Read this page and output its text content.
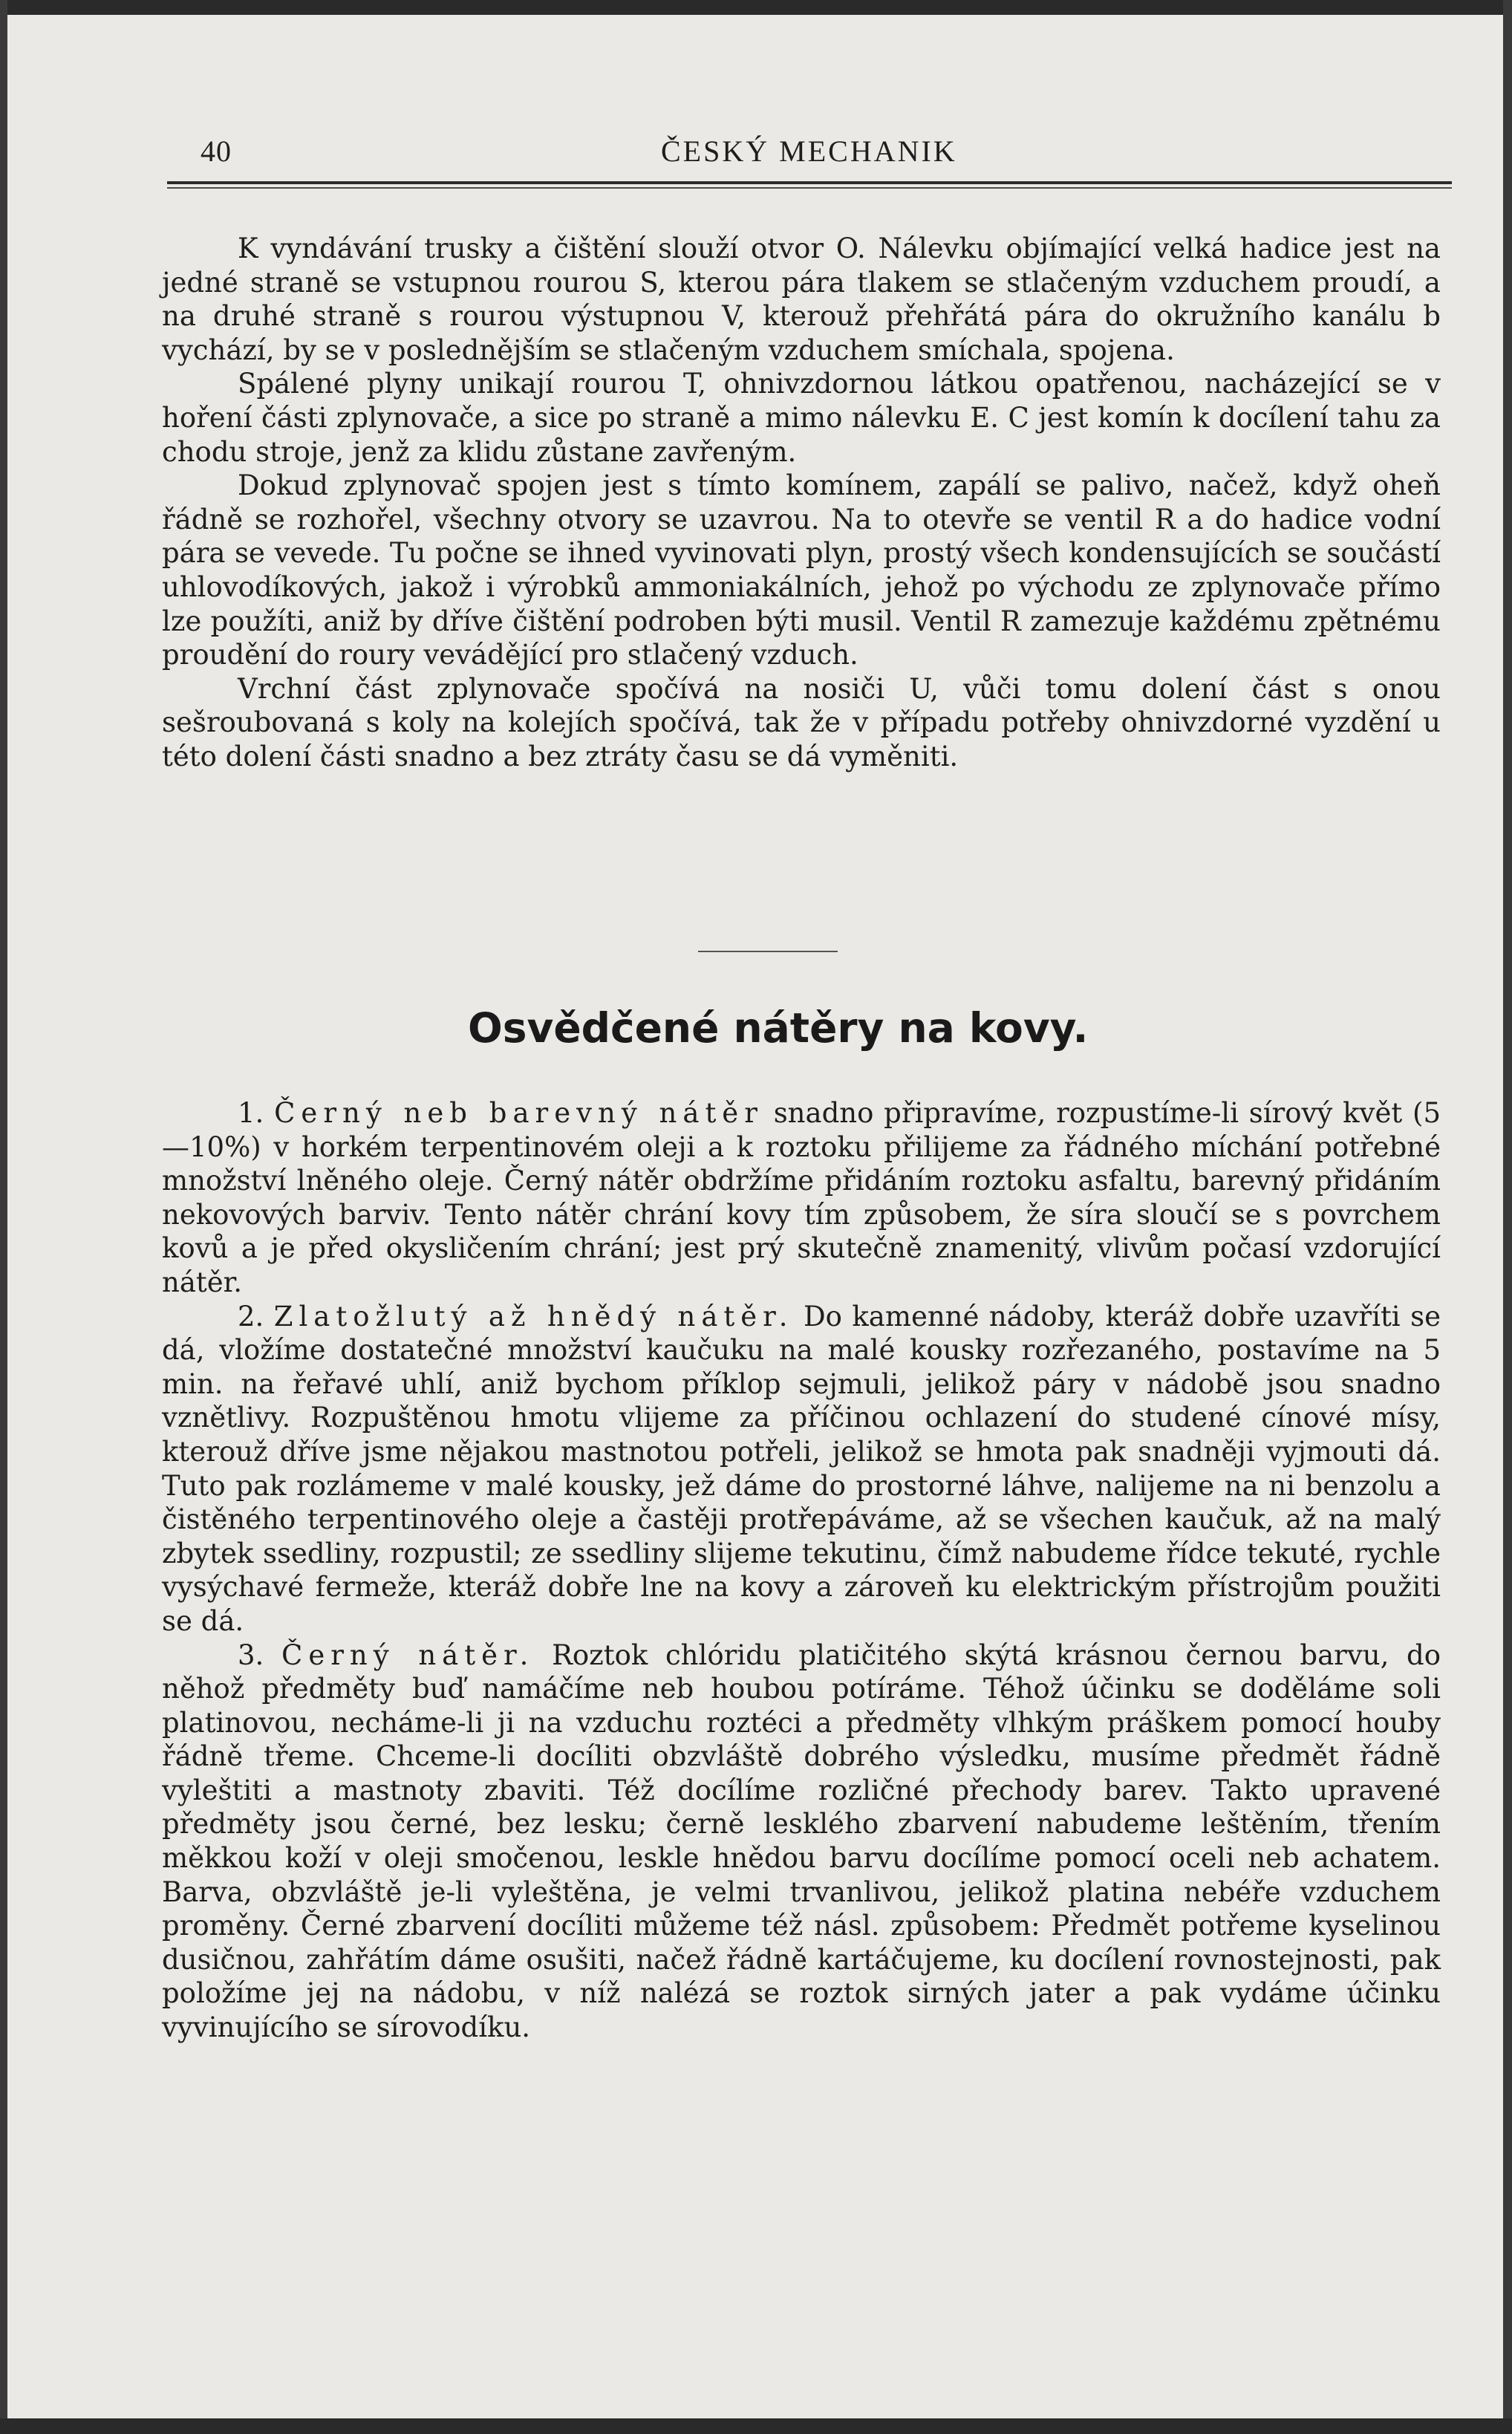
40	ČESKÝ MECHANIK

K vyndávání trusky a čištění slouží otvor O. Nálevku objímající velká hadice jest na jedné straně se vstupnou rourou S, kterou pára tlakem se stlačeným vzduchem proudí, a na druhé straně s rourou výstupnou V, kterouž přehřátá pára do okružního kanálu b vychází, by se v poslednějším se stlačeným vzduchem smíchala, spojena.

Spálené plyny unikají rourou T, ohnivzdornou látkou opatřenou, nacházející se v hoření části zplynovače, a sice po straně a mimo nálevku E. C jest komín k docílení tahu za chodu stroje, jenž za klidu zůstane zavřeným.

Dokud zplynovač spojen jest s tímto komínem, zapálí se palivo, načež, když oheň řádně se rozhořel, všechny otvory se uzavrou. Na to otevře se ventil R a do hadice vodní pára se vevede. Tu počne se ihned vyvinovati plyn, prostý všech kondensujících se součástí uhlovodíkových, jakož i výrobků ammoniakálních, jehož po východu ze zplynovače přímo lze použíti, aniž by dříve čištění podroben býti musil. Ventil R zamezuje každému zpětnému proudění do roury vevádějící pro stlačený vzduch.

Vrchní část zplynovače spočívá na nosiči U, vůči tomu dolení část s onou sešroubovaná s koly na kolejích spočívá, tak že v případu potřeby ohnivzdorné vyzdění u této dolení části snadno a bez ztráty času se dá vyměniti.

Osvědčené nátěry na kovy.

1. Černý neb barevný nátěr snadno připravíme, rozpustíme-li sírový květ (5—10%) v horkém terpentinovém oleji a k roztoku přilijeme za řádného míchání potřebné množství lněného oleje. Černý nátěr obdržíme přidáním roztoku asfaltu, barevný přidáním nekovových barviv. Tento nátěr chrání kovy tím způsobem, že síra sloučí se s povrchem kovů a je před okysličením chrání; jest prý skutečně znamenitý, vlivům počasí vzdorující nátěr.

2. Zlatožlutý až hnědý nátěr. Do kamenné nádoby, kteráž dobře uzavříti se dá, vložíme dostatečné množství kaučuku na malé kousky rozřezaného, postavíme na 5 min. na řeřavé uhlí, aniž bychom příklop sejmuli, jelikož páry v nádobě jsou snadno vznětlivy. Rozpuštěnou hmotu vlijeme za příčinou ochlazení do studené cínové mísy, kterouž dříve jsme nějakou mastnotou potřeli, jelikož se hmota pak snadněji vyjmouti dá. Tuto pak rozlámeme v malé kousky, jež dáme do prostorné láhve, nalijeme na ni benzolu a čistěného terpentinového oleje a častěji protřepáváme, až se všechen kaučuk, až na malý zbytek ssedliny, rozpustil; ze ssedliny slijeme tekutinu, čímž nabudeme řídce tekuté, rychle vysýchavé fermeže, kteráž dobře lne na kovy a zároveň ku elektrickým přístrojům použiti se dá.

3. Černý nátěr. Roztok chlóridu platičitého skýtá krásnou černou barvu, do něhož předměty buď namáčíme neb houbou potíráme. Téhož účinku se doděláme soli platinovou, necháme-li ji na vzduchu roztéci a předměty vlhkým práškem pomocí houby řádně třeme. Chceme-li docíliti obzvláště dobrého výsledku, musíme předmět řádně vyleštiti a mastnoty zbaviti. Též docílíme rozličné přechody barev. Takto upravené předměty jsou černé, bez lesku; černě lesklého zbarvení nabudeme leštěním, třením měkkou koží v oleji smočenou, leskle hnědou barvu docílíme pomocí oceli neb achatem. Barva, obzvláště je-li vyleštěna, je velmi trvanlivou, jelikož platina nebéře vzduchem proměny. Černé zbarvení docíliti můžeme též násl. způsobem: Předmět potřeme kyselinou dusičnou, zahřátím dáme osušiti, načež řádně kartáčujeme, ku docílení rovnostejnosti, pak položíme jej na nádobu, v níž nalézá se roztok sirných jater a pak vydáme účinku vyvinujícího se sírovodíku.
